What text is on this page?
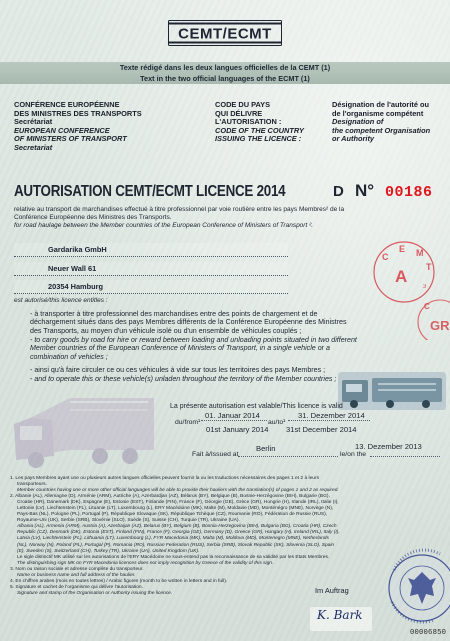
CEMT/ECMT
Texte rédigé dans les deux langues officielles de la CEMT (1)
Text in the two official languages of the ECMT (1)
CONFÉRENCE EUROPÉENNE
DES MINISTRES DES TRANSPORTS
Secrétariat
EUROPEAN CONFERENCE
OF MINISTERS OF TRANSPORT
Secretariat
CODE DU PAYS
QUI DÉLIVRE
L'AUTORISATION :
CODE OF THE COUNTRY
ISSUING THE LICENCE :
Désignation de l'autorité ou
de l'organisme compétent
Designation of
the competent Organisation
or Authority
AUTORISATION CEMT/ECMT LICENCE 2014	D N° 00186
relative au transport de marchandises effectué à titre professionnel par voie routière entre les pays Membres² de la
Conférence Européenne des Ministres des Transports.
for road haulage between the Member countries of the European Conference of Ministers of Transport ².
Gardarika GmbH
Neuer Wall 61
20354 Hamburg
est autorisé/this licence entitles :
C
E M
T
A
3
GR
C
- à transporter à titre professionnel des marchandises entre des points de chargement et de
déchargement situés dans des pays Membres différents de la Conférence Européenne des Ministres
des Transports, au moyen d'un véhicule isolé ou d'un ensemble de véhicules couplés ;
- to carry goods by road for hire or reward between loading and unloading points situated in two different
Member countries of the European Conference of Ministers of Transport, in a single vehicle or a
combination of vehicles ;
- ainsi qu'à faire circuler ce ou ces véhicules à vide sur tous les territoires des pays Membres ;
- and to operate this or these vehicle(s) unladen throughout the territory of the Member countries ;
La présente autorisation est valable/This licence is valid
du/from¹
01. Januar 2014
01st January 2014
au/to¹
31. Dezember 2014
31st December 2014
Fait à/Issued at
Berlin
le/on the
13. Dezember 2013
1. Les pays Membres ayant une ou plusieurs autres langues officielles peuvent fournir la ou les traductions nécessaires des pages 1 et 2 à leurs
transporteurs.
Member countries having one or more other official languages will be able to provide their hauliers with the translation(s) of pages 1 and 2 as required.
2. Albanie (AL), Allemagne (D), Arménie (ARM), Autriche (A), Azerbaïdjan (AZ), Bélarus (BY), Belgique (B), Bosnie-Herzégovine (BIH), Bulgarie (BG),
Croatie (HR), Danemark (DK), Espagne (E), Estonie (EST), Finlande (FIN), France (F), Géorgie (GE), Grèce (GR), Hongrie (H), Irlande (IRL), Italie (I),
Lettonie (LV), Liechtenstein (FL), Lituanie (LT), Luxembourg (L), ERY Macédoine (MK), Malte (M), Moldavie (MD), Monténégro (MNE), Norvège (N),
Pays-Bas (NL), Pologne (PL), Portugal (P), République Slovaque (SK), République Tchèque (CZ), Roumanie (RO), Fédération de Russie (RUS),
Royaume-Uni (UK), Serbie (SRB), Slovénie (SLO), Suède (S), Suisse (CH), Turquie (TR), Ukraine (UA).
Albania (AL), Armenia (ARM), Austria (A), Azerbaijan (AZ), Belarus (BY), Belgium (B), Bosnia-Herzegovina (BIH), Bulgaria (BG), Croatia (HR), Czech
Republic (CZ), Denmark (DK), Estonia (EST), Finland (FIN), France (F), Georgia (GE), Germany (D), Greece (GR), Hungary (H), Ireland (IRL), Italy (I),
Latvia (LV), Liechtenstein (FL), Lithuania (LT), Luxembourg (L), FYR Macedonia (MK), Malta (M), Moldova (MD), Montenegro (MNE), Netherlands
(NL), Norway (N), Poland (PL), Portugal (P), Romania (RO), Russian Federation (RUS), Serbia (SRB), Slovak Republic (SK), Slovenia (SLO), Spain
(E), Sweden (S), Switzerland (CH), Turkey (TR), Ukraine (UA), United Kingdom (UK).
Le sigle distinctif MK utilisé sur les autorisations de l'ERY Macédoine ne sous-entend pas la reconnaissance de sa validité par les Etats Membres.
The distinguishing sign MK on FYR Macedonia licences does not imply recognition by Greece of the validity of this sign.
3. Nom ou raison sociale et adresse complète du transporteur.
Name or business name and full address of the haulier.
4. En chiffres arabes (mois en toutes lettres) / Arabic figures (month to be written in letters and in full).
5. Signature et cachet de l'organisme qui délivre l'autorisation.
Signature and stamp of the Organisation or Authority issuing the licence.	Im Auftrag
K. Bark
00006850
